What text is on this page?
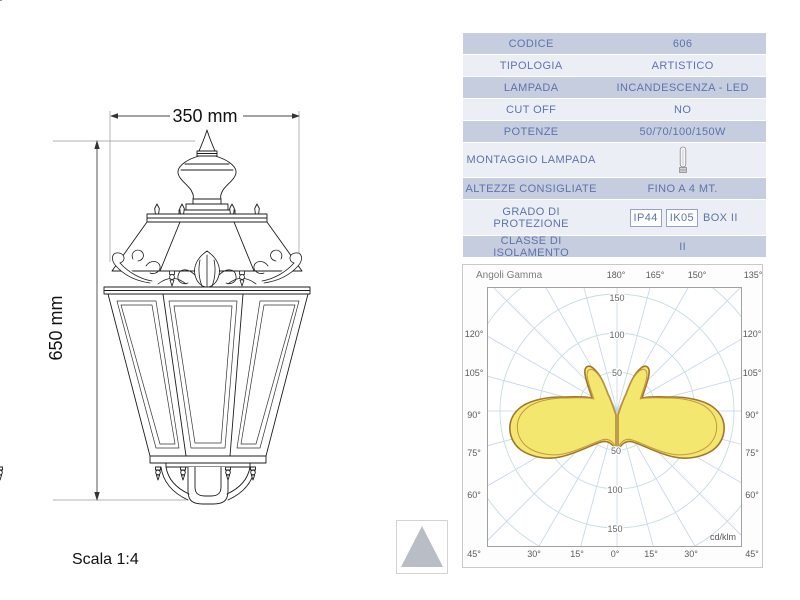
350 mm
650 mm
Scala 1:4
CODICE	606
TIPOLOGIA	ARTISTICO
LAMPADA	INCANDESCENZA - LED
CUT OFF	NO
POTENZE	50/70/100/150W
MONTAGGIO LAMPADA
ALTEZZE CONSIGLIATE	FINO A 4 MT.
GRADO DI PROTEZIONE	IP44	IK05 BOX II
CLASSE DI ISOLAMENTO	II
Angoli Gamma	180° 165°	150°	135°
120°
105°
90°
75°
60°
120°
105°
90°
75°
60°
45°	30°	15°	0°	15°	30°	45°
150
100
50
50
100
150
cd/klm
